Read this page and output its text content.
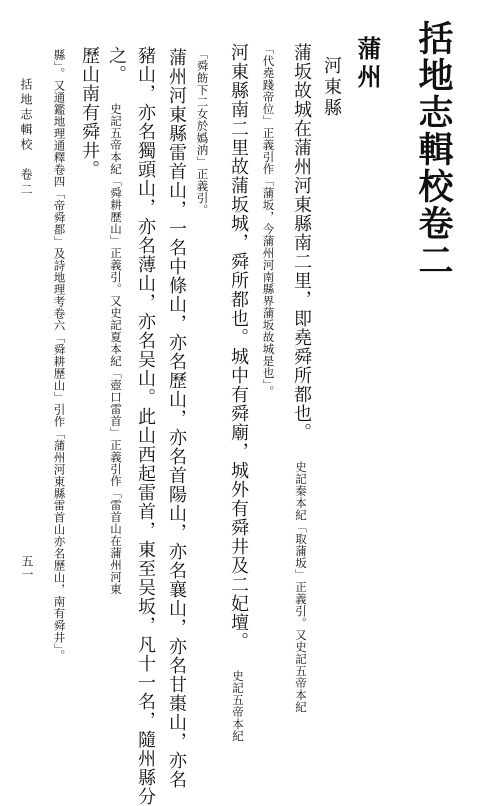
括地志輯校卷二
蒲州
河東縣
蒲坂故城在蒲州河東縣南二里，即堯舜所都也。 史記秦本紀「取蒲坂」正義引。又史記五帝本紀
「代堯踐帝位」正義引作「蒲坂，今蒲州河南縣界蒲坂故城是也」。
河東縣南二里故蒲坂城，舜所都也。城中有舜廟，城外有舜井及二妃壇。 史記五帝本紀
「舜飭下二女於嬀汭」正義引。
蒲州河東縣雷首山，一名中條山，亦名歷山，亦名首陽山，亦名襄山，亦名甘棗山，亦名
豬山，亦名獨頭山，亦名薄山，亦名吴山。此山西起雷首，東至吴坂，凡十一名，隨州縣分
之。 史記五帝本紀「舜耕歷山」正義引。又史記夏本紀「壺口雷首」正義引作「雷首山在蒲州河東
歷山南有舜井。
縣」。又通鑑地理通釋卷四「帝舜都」及詩地理考卷六「舜耕歷山」引作「蒲州河東縣雷首山亦名歷山，南有舜井」。
括地志輯校　卷二
五一
